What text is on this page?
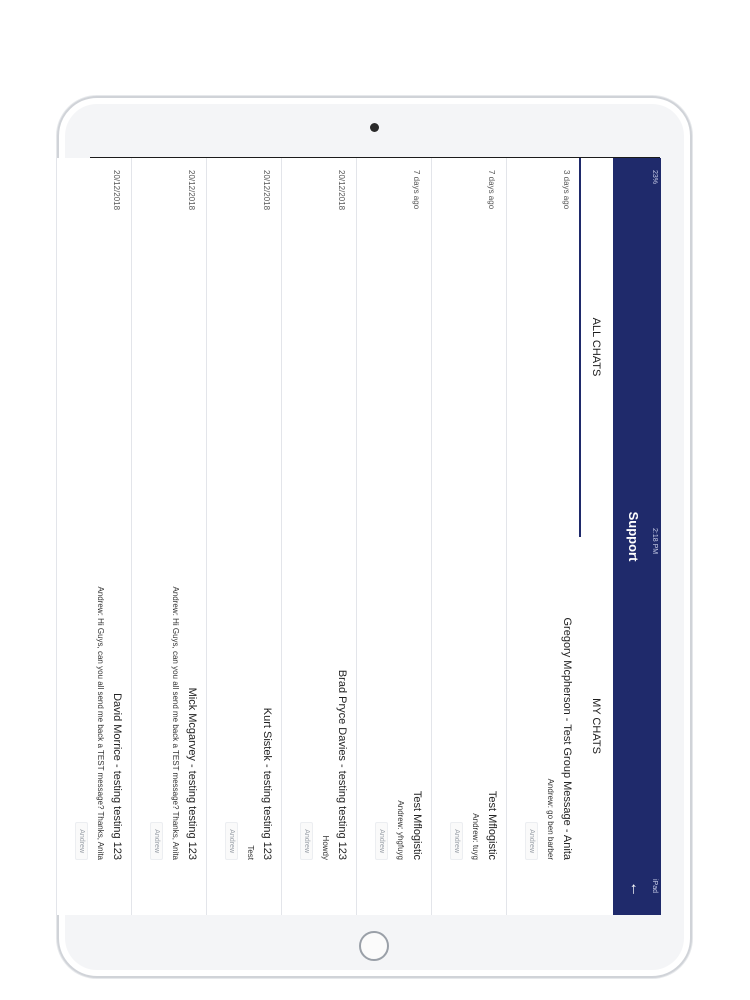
iPad
2:18 PM
23%
Support
←
ALL CHATS
MY CHATS
Gregory Mcpherson - Test Group Message - Anita
Andrew: go ben barber
Andrew
3 days ago
Test Mflogistic
Andrew: tuyg
Andrew
7 days ago
Test Mflogistic
Andrew: yhgfuyg
Andrew
7 days ago
Brad Pryce Davies - testing testing 123
Howdy
Andrew
20/12/2018
Kurt Sistek - testing testing 123
Test
Andrew
20/12/2018
Mick Mcgarvey - testing testing 123
Andrew: Hi Guys, can you all send me back a TEST message? Thanks, Anita
Andrew
20/12/2018
David Morrice - testing testing 123
Andrew: Hi Guys, can you all send me back a TEST message? Thanks, Anita
Andrew
20/12/2018
